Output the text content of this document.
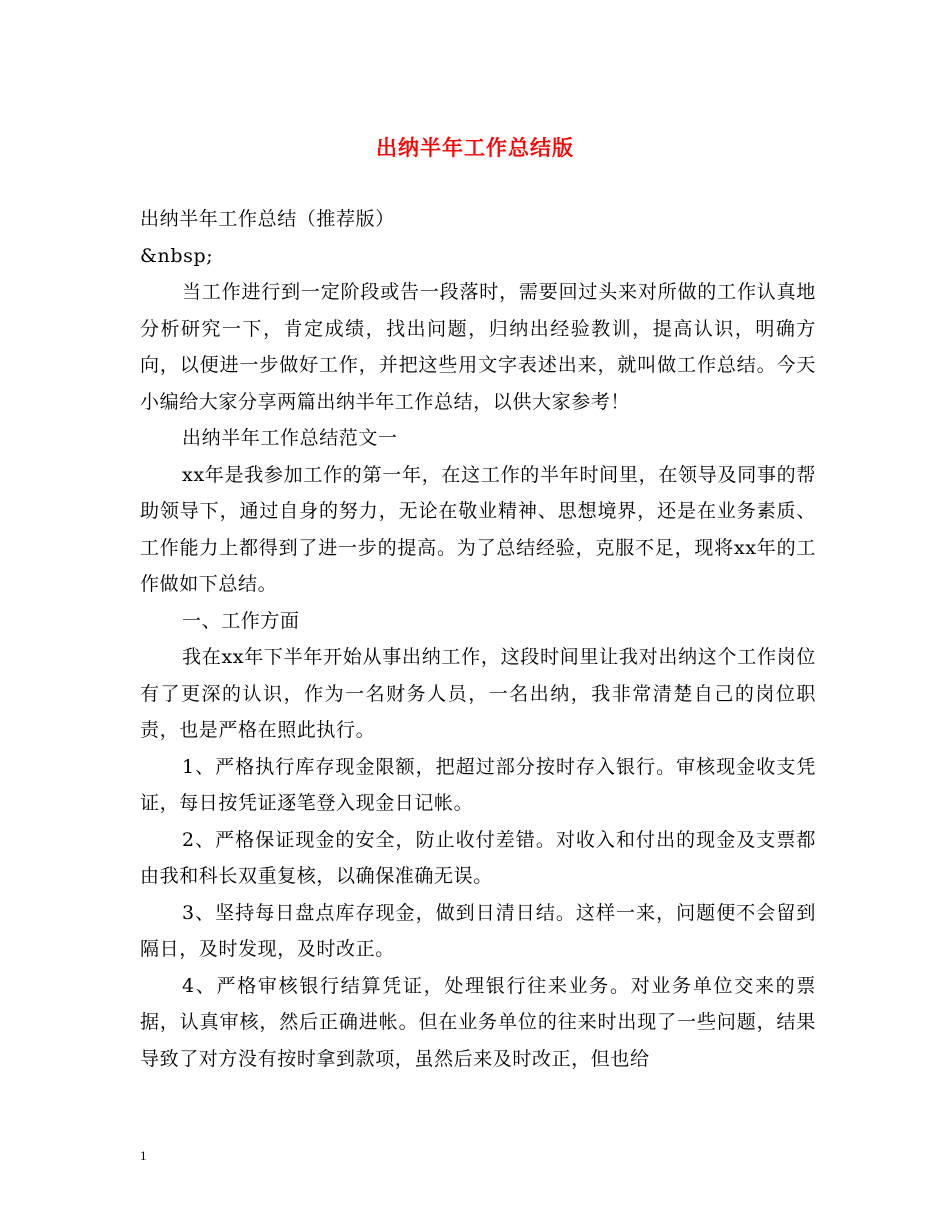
出纳半年工作总结版

出纳半年工作总结（推荐版）

&nbsp;

当工作进行到一定阶段或告一段落时，需要回过头来对所做的工作认真地分析研究一下，肯定成绩，找出问题，归纳出经验教训，提高认识，明确方向，以便进一步做好工作，并把这些用文字表述出来，就叫做工作总结。今天小编给大家分享两篇出纳半年工作总结，以供大家参考！

出纳半年工作总结范文一

xx年是我参加工作的第一年，在这工作的半年时间里，在领导及同事的帮助领导下，通过自身的努力，无论在敬业精神、思想境界，还是在业务素质、工作能力上都得到了进一步的提高。为了总结经验，克服不足，现将xx年的工作做如下总结。

一、工作方面

我在xx年下半年开始从事出纳工作，这段时间里让我对出纳这个工作岗位有了更深的认识，作为一名财务人员，一名出纳，我非常清楚自己的岗位职责，也是严格在照此执行。

1、严格执行库存现金限额，把超过部分按时存入银行。审核现金收支凭证，每日按凭证逐笔登入现金日记帐。

2、严格保证现金的安全，防止收付差错。对收入和付出的现金及支票都由我和科长双重复核，以确保准确无误。

3、坚持每日盘点库存现金，做到日清日结。这样一来，问题便不会留到隔日，及时发现，及时改正。

4、严格审核银行结算凭证，处理银行往来业务。对业务单位交来的票据，认真审核，然后正确进帐。但在业务单位的往来时出现了一些问题，结果导致了对方没有按时拿到款项，虽然后来及时改正，但也给

1
